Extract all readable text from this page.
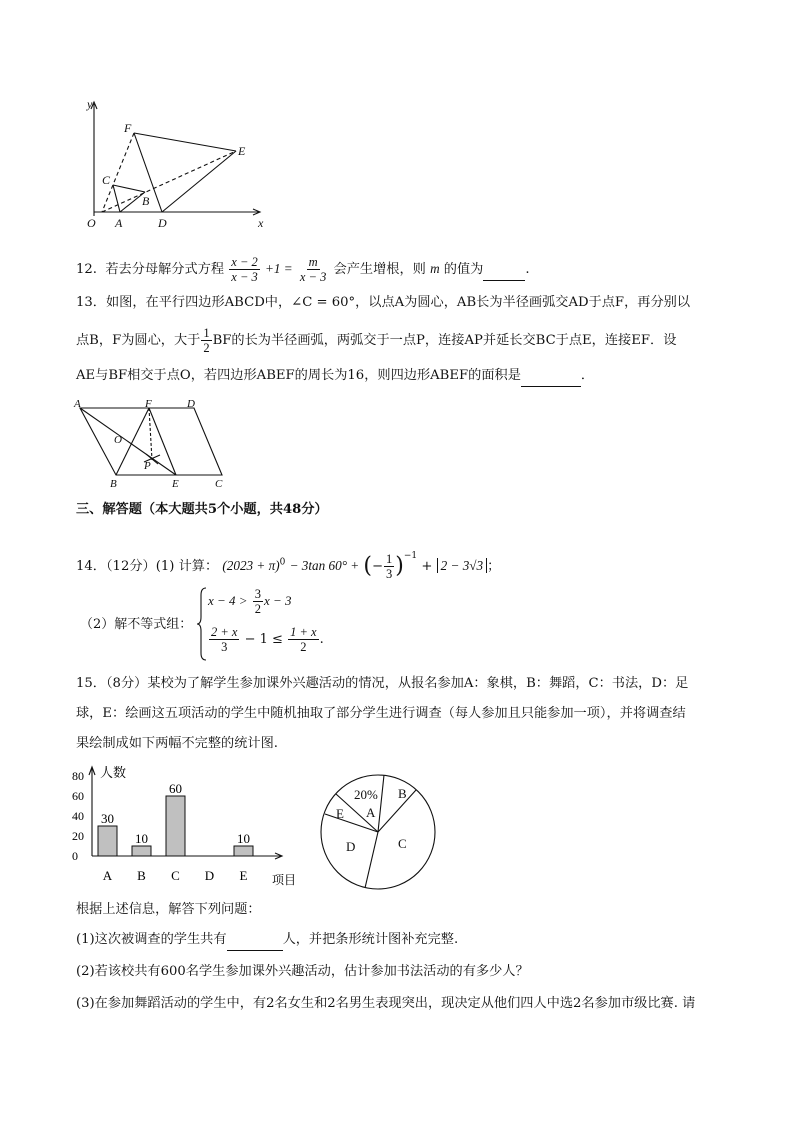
y
x
O A
B
C
D
E
F
12. 若去分母解分式方程 $\frac{x - 2}{x - 3} +1 = \frac{m}{x - 3}$ 会产生增根，则 m 的值为	.
13．如图，在平行四边形ABCD中，∠C = 60°，以点A为圆心，AB长为半径画弧交AD于点F，再分别以
点B，F为圆心，大于 $\frac{1}{2}$ BF的长为半径画弧，两弧交于一点P，连接AP并延长交BC于点E，连接EF．设
AE与BF相交于点O，若四边形ABEF的周长为16，则四边形ABEF的面积是	．
A	F	D
O
P
B	E	C
三、解答题（本大题共5个小题，共48分）
14．（12分）(1) 计算： $(2023 + \pi)^0 - 3\tan$ 60° + (− $\frac{1}{3} )^{-1} + 2 - 3√3$ ；
（2）解不等式组：
$x - 4 > \frac{3}{2}$ x − 3
$\frac{2 + x}{3} - 1 \le \frac{1 + x}{2}$ .
15．（8分）某校为了解学生参加课外兴趣活动的情况，从报名参加A：象棋，B：舞蹈，C：书法，D：足
球，E：绘画这五项活动的学生中随机抽取了部分学生进行调查（每人参加且只能参加一项），并将调查结
果绘制成如下两幅不完整的统计图.
30
A
10
B
60
C D
10
E
人数
项目
0
20
40
60
80
20%
A
B
C
D
E
根据上述信息，解答下列问题：
(1)这次被调查的学生共有	人，并把条形统计图补充完整.
(2)若该校共有600名学生参加课外兴趣活动，估计参加书法活动的有多少人？
(3)在参加舞蹈活动的学生中，有2名女生和2名男生表现突出，现决定从他们四人中选2名参加市级比赛. 请
